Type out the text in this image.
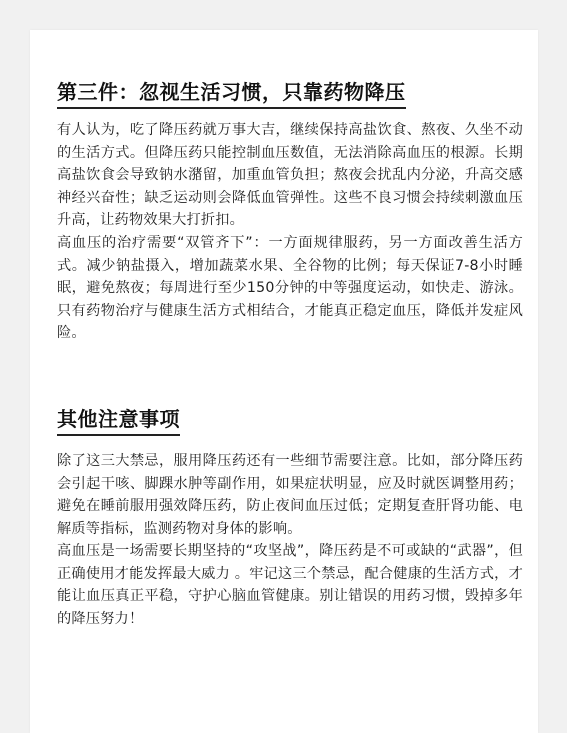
第三件：忽视生活习惯，只靠药物降压

有人认为，吃了降压药就万事大吉，继续保持高盐饮食、熬夜、久坐不动的生活方式。但降压药只能控制血压数值，无法消除高血压的根源。长期高盐饮食会导致钠水潴留，加重血管负担；熬夜会扰乱内分泌，升高交感神经兴奋性；缺乏运动则会降低血管弹性。这些不良习惯会持续刺激血压升高，让药物效果大打折扣。

高血压的治疗需要“双管齐下”：一方面规律服药，另一方面改善生活方式。减少钠盐摄入，增加蔬菜水果、全谷物的比例；每天保证7-8小时睡眠，避免熬夜；每周进行至少150分钟的中等强度运动，如快走、游泳。只有药物治疗与健康生活方式相结合，才能真正稳定血压，降低并发症风险。

其他注意事项

除了这三大禁忌，服用降压药还有一些细节需要注意。比如，部分降压药会引起干咳、脚踝水肿等副作用，如果症状明显，应及时就医调整用药；避免在睡前服用强效降压药，防止夜间血压过低；定期复查肝肾功能、电解质等指标，监测药物对身体的影响。

高血压是一场需要长期坚持的“攻坚战”，降压药是不可或缺的“武器”，但正确使用才能发挥最大威力 。牢记这三个禁忌，配合健康的生活方式，才能让血压真正平稳，守护心脑血管健康。别让错误的用药习惯，毁掉多年的降压努力！
